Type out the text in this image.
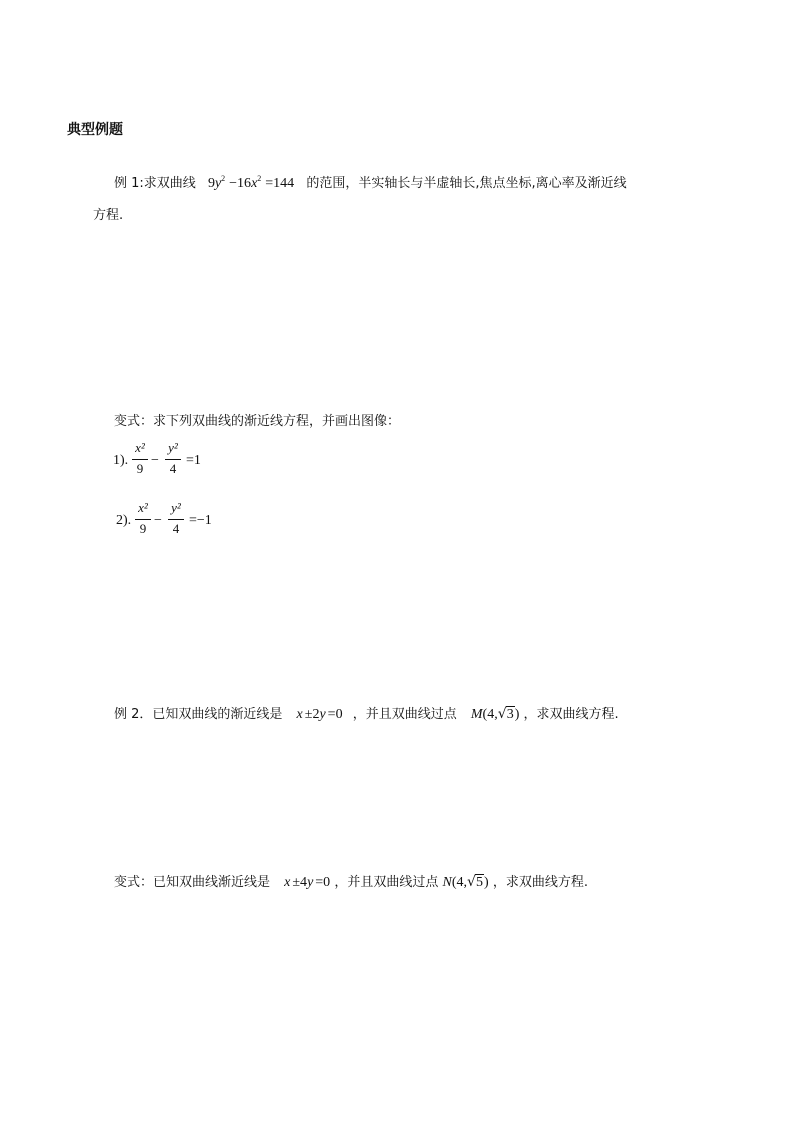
典型例题
例 1:求双曲线 $9y^2 -16x^2 =144$ 的范围，半实轴长与半虚轴长,焦点坐标,离心率及渐近线
方程.
变式：求下列双曲线的渐近线方程，并画出图像：
1).
x²
9
−
y²
4
=1
2).
x²
9
−
y²
4
=−1
例 2．已知双曲线的渐近线是 x ±2y =0 ，并且双曲线过点 M(4, √ 3) ，求双曲线方程.
变式：已知双曲线渐近线是 x ±4y =0 ，并且双曲线过点 N(4, √ 5) ，求双曲线方程.
